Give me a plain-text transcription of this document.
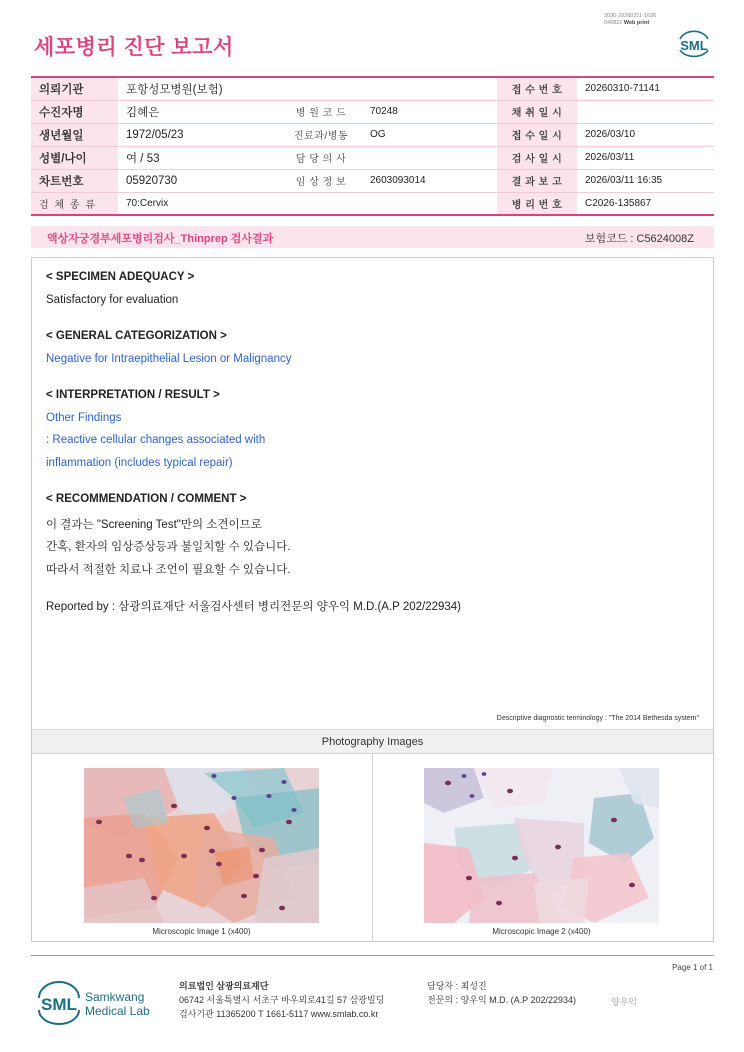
세포병리 진단 보고서
3036-20260311-1636
040822 Web print
SML
의뢰기관	포항성모병원(보험)			접 수 번 호	20260310-71141
수진자명	김혜은	병 원 코 드	70248	채 취 일 시	
생년월일	1972/05/23	진료과/병동	OG	접 수 일 시	2026/03/10
성별/나이	여 / 53	담 당 의 사		검 사 일 시	2026/03/11
차트번호	05920730	임 상 정 보	2603093014	결 과 보 고	2026/03/11 16:35
검 체 종 류	70:Cervix			병 리 번 호	C2026-135867
액상자궁경부세포병리검사_Thinprep 검사결과	보험코드 : C5624008Z
< SPECIMEN ADEQUACY >
Satisfactory for evaluation
< GENERAL CATEGORIZATION >
Negative for Intraepithelial Lesion or Malignancy
< INTERPRETATION / RESULT >
Other Findings
: Reactive cellular changes associated with
inflammation (includes typical repair)
< RECOMMENDATION / COMMENT >
이 결과는 "Screening Test"만의 소견이므로
간혹, 환자의 임상증상등과 불일치할 수 있습니다.
따라서 적절한 치료나 조언이 필요할 수 있습니다.
Reported by : 삼광의료재단 서울검사센터 병리전문의 양우익 M.D.(A.P 202/22934)
Descriptive diagnostic terminology : "The 2014 Bethesda system"
Photography Images
Microscopic Image 1 (x400)	Microscopic Image 2 (x400)
Page 1 of 1
SML Samkwang
Medical Lab
의료법인 삼광의료재단
06742 서울특별시 서초구 바우뫼로41길 57 삼광빌딩
검사기관 11365200 T 1661-5117 www.smlab.co.kr
담당자 : 최성진
전문의 : 양우익 M.D. (A.P 202/22934)	양우익
